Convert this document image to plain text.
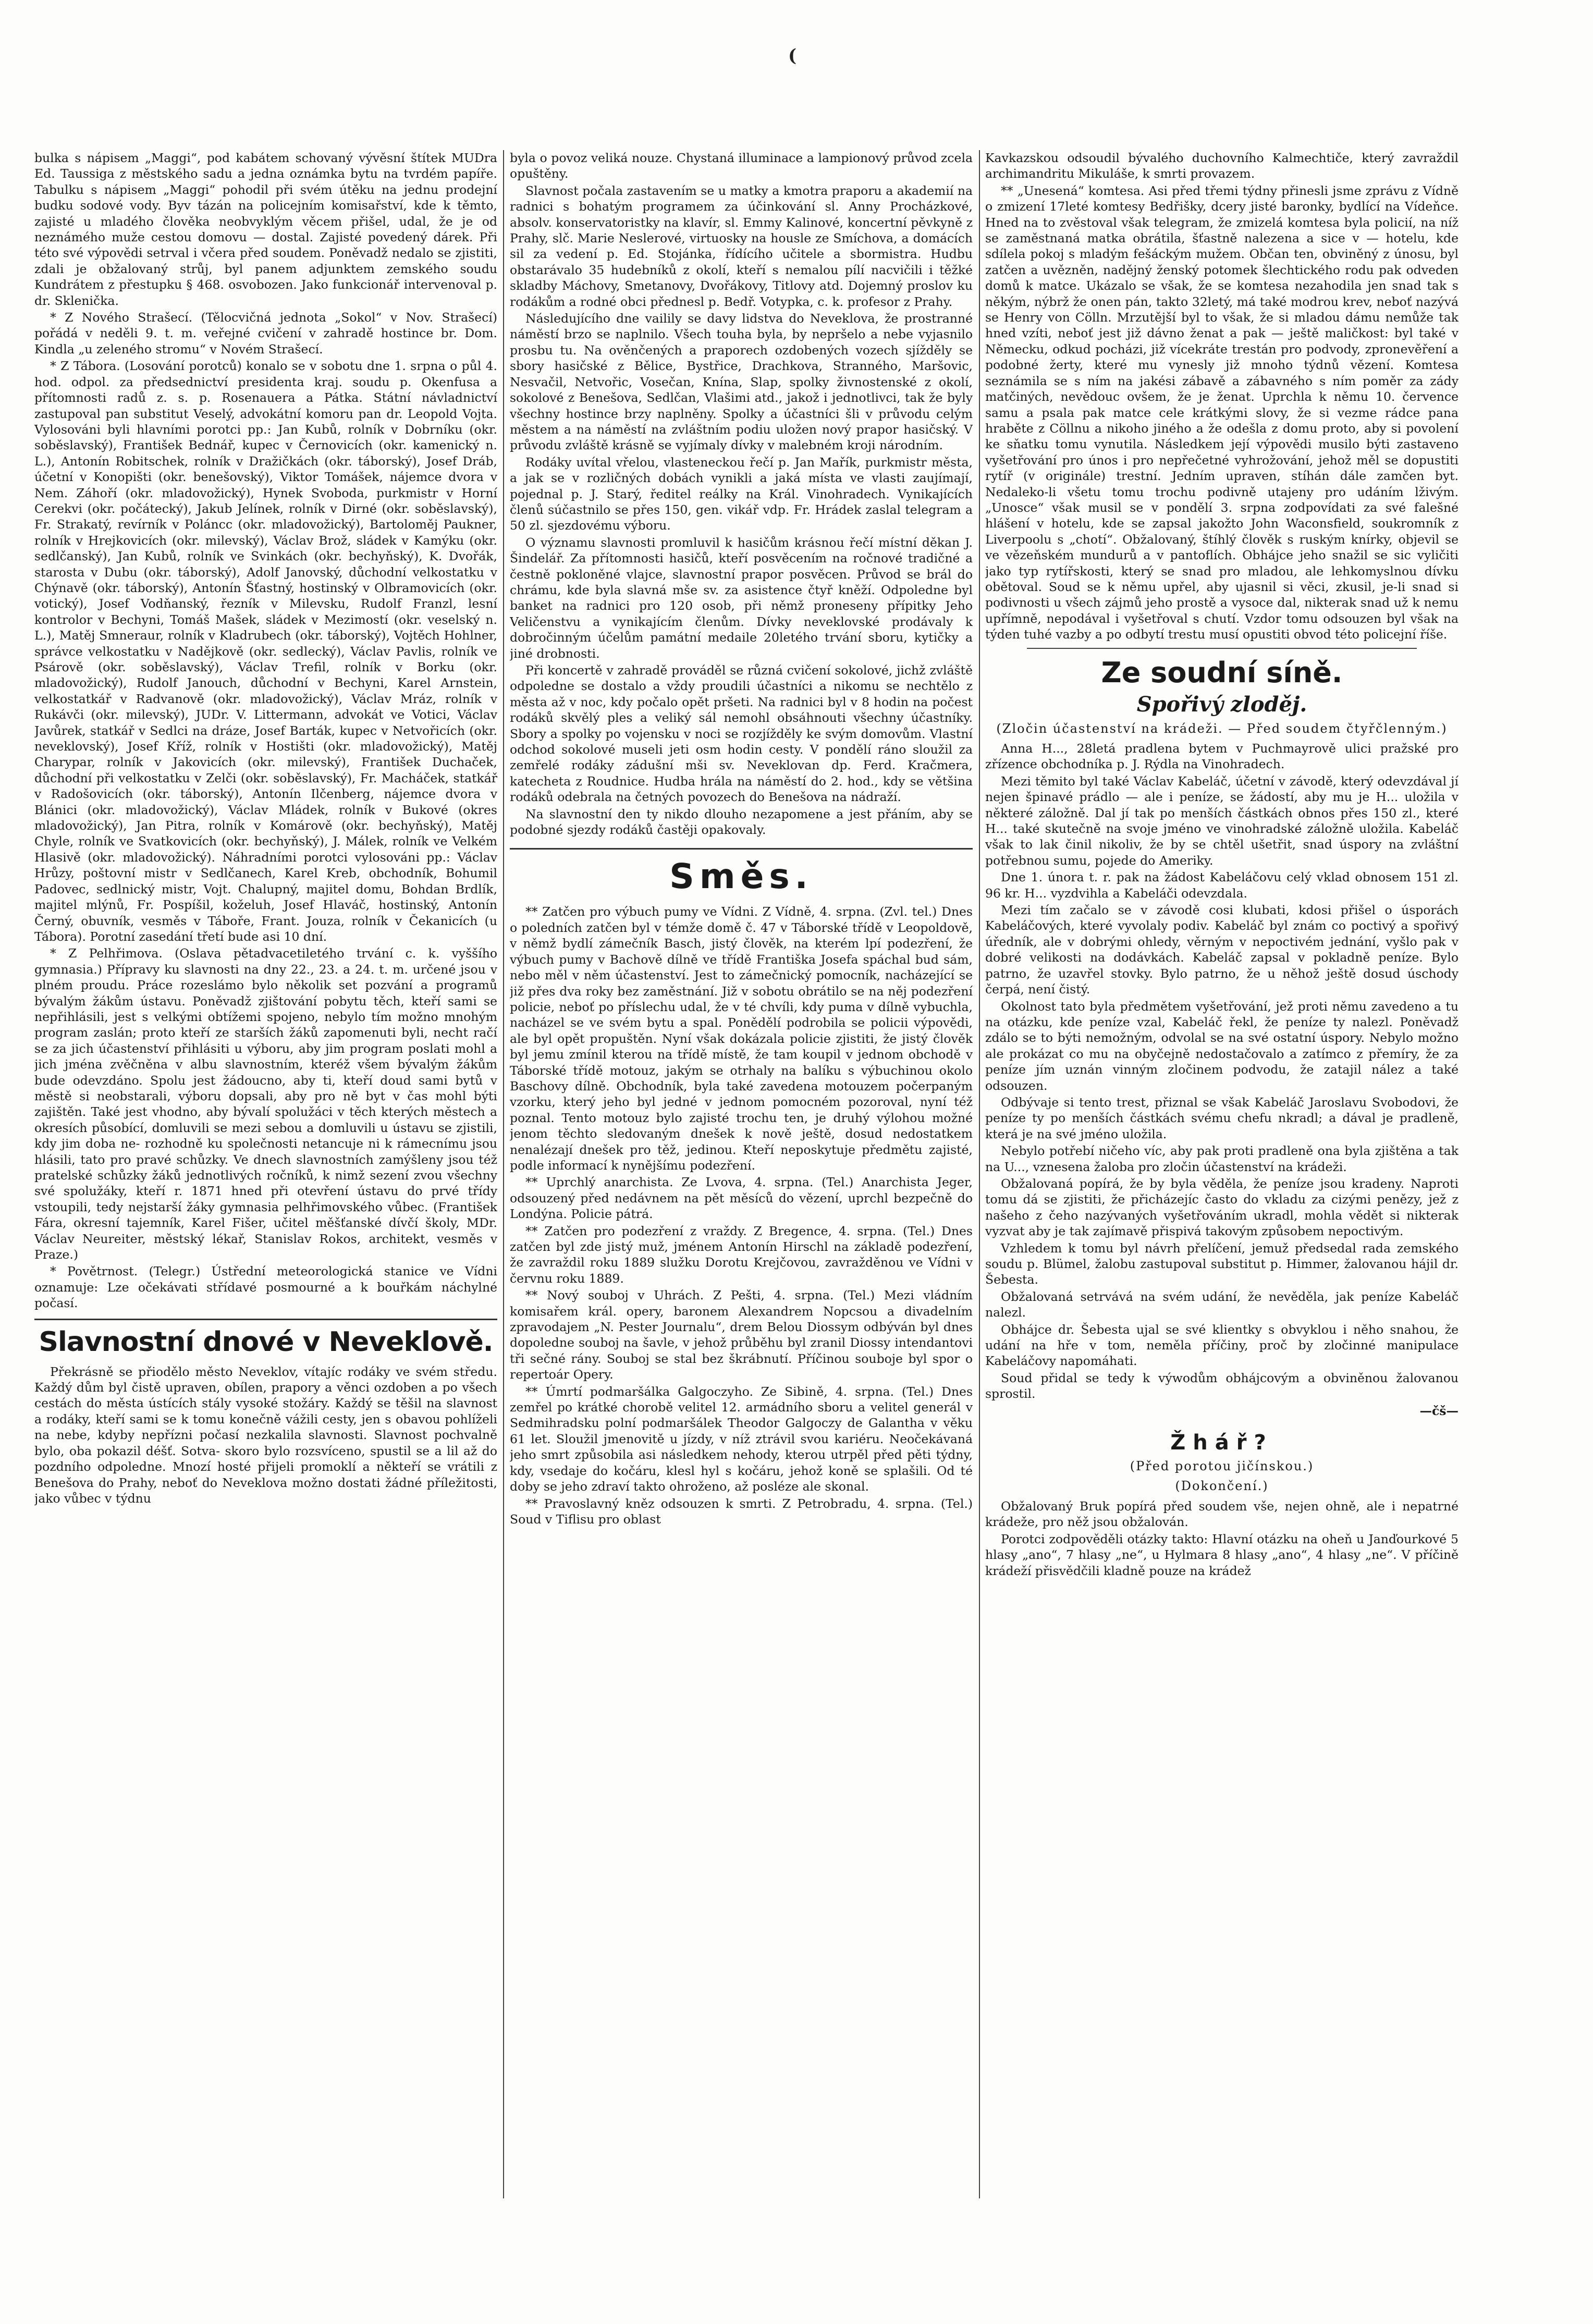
(

bulka s nápisem „Maggi“, pod kabátem schovaný vývěsní štítek MUDra Ed. Taussiga z městského sadu a jedna oznámka bytu na tvrdém papíře. Tabulku s nápisem „Maggi“ pohodil při svém útěku na jednu prodejní budku sodové vody. Byv tázán na policejním komisařství, kde k těmto, zajisté u mladého člověka neobvyklým věcem přišel, udal, že je od neznámého muže cestou domovu — dostal. Zajisté povedený dárek. Při této své výpovědi setrval i včera před soudem. Poněvadž nedalo se zjistiti, zdali je obžalovaný strůj, byl panem adjunktem zemského soudu Kundrátem z přestupku § 468. osvobozen. Jako funkcionář intervenoval p. dr. Sklenička.

* Z Nového Strašecí. (Tělocvičná jednota „Sokol“ v Nov. Strašecí) pořádá v neděli 9. t. m. veřejné cvičení v zahradě hostince br. Dom. Kindla „u zeleného stromu“ v Novém Strašecí.

* Z Tábora. (Losování porotců) konalo se v sobotu dne 1. srpna o půl 4. hod. odpol. za předsednictví presidenta kraj. soudu p. Okenfusa a přítomnosti radů z. s. p. Rosenauera a Pátka. Státní návladnictví zastupoval pan substitut Veselý, advokátní komoru pan dr. Leopold Vojta. Vylosováni byli hlavními porotci pp.: Jan Kubů, rolník v Dobrníku (okr. soběslavský), František Bednář, kupec v Černovicích (okr. kamenický n. L.), Antonín Robitschek, rolník v Dražičkách (okr. táborský), Josef Dráb, účetní v Konopišti (okr. benešovský), Viktor Tomášek, nájemce dvora v Nem. Záhoří (okr. mladovožický), Hynek Svoboda, purkmistr v Horní Cerekvi (okr. počátecký), Jakub Jelínek, rolník v Dirné (okr. soběslavský), Fr. Strakatý, revírník v Poláncc (okr. mladovožický), Bartoloměj Paukner, rolník v Hrejkovicích (okr. milevský), Václav Brož, sládek v Kamýku (okr. sedlčanský), Jan Kubů, rolník ve Svinkách (okr. bechyňský), K. Dvořák, starosta v Dubu (okr. táborský), Adolf Janovský, důchodní velkostatku v Chýnavě (okr. táborský), Antonín Šťastný, hostinský v Olbramovicích (okr. votický), Josef Vodňanský, řezník v Milevsku, Rudolf Franzl, lesní kontrolor v Bechyni, Tomáš Mašek, sládek v Mezimostí (okr. veselský n. L.), Matěj Smneraur, rolník v Kladrubech (okr. táborský), Vojtěch Hohlner, správce velkostatku v Nadějkově (okr. sedlecký), Václav Pavlis, rolník ve Psárově (okr. soběslavský), Václav Trefil, rolník v Borku (okr. mladovožický), Rudolf Janouch, důchodní v Bechyni, Karel Arnstein, velkostatkář v Radvanově (okr. mladovožický), Václav Mráz, rolník v Rukávči (okr. milevský), JUDr. V. Littermann, advokát ve Votici, Václav Javůrek, statkář v Sedlci na dráze, Josef Barták, kupec v Netvořicích (okr. neveklovský), Josef Kříž, rolník v Hostišti (okr. mladovožický), Matěj Charypar, rolník v Jakovicích (okr. milevský), František Duchaček, důchodní při velkostatku v Zelči (okr. soběslavský), Fr. Macháček, statkář v Radošovicích (okr. táborský), Antonín Ilčenberg, nájemce dvora v Blánici (okr. mladovožický), Václav Mládek, rolník v Bukové (okres mladovožický), Jan Pitra, rolník v Komárově (okr. bechyňský), Matěj Chyle, rolník ve Svatkovicích (okr. bechyňský), J. Málek, rolník ve Velkém Hlasivě (okr. mladovožický). Náhradními porotci vylosováni pp.: Václav Hrůzy, poštovní mistr v Sedlčanech, Karel Kreb, obchodník, Bohumil Padovec, sedlnický mistr, Vojt. Chalupný, majitel domu, Bohdan Brdlík, majitel mlýnů, Fr. Pospíšil, koželuh, Josef Hlaváč, hostinský, Antonín Černý, obuvník, vesměs v Táboře, Frant. Jouza, rolník v Čekanicích (u Tábora). Porotní zasedání třetí bude asi 10 dní.

* Z Pelhřimova. (Oslava pětadvacetiletého trvání c. k. vyššího gymnasia.) Přípravy ku slavnosti na dny 22., 23. a 24. t. m. určené jsou v plném proudu. Práce rozeslámo bylo několik set pozvání a programů bývalým žákům ústavu. Poněvadž zjištování pobytu těch, kteří sami se nepřihlásili, jest s velkými obtížemi spojeno, nebylo tím možno mnohým program zaslán; proto kteří ze starších žáků zapomenuti byli, necht račí se za jich účastenství přihlásiti u výboru, aby jim program poslati mohl a jich jména zvěčněna v albu slavnostním, kteréž všem bývalým žákům bude odevzdáno. Spolu jest žádoucno, aby ti, kteří doud sami bytů v městě si neobstarali, výboru dopsali, aby pro ně byt v čas mohl býti zajištěn. Také jest vhodno, aby bývalí spolužáci v těch kterých městech a okresích působící, domluvili se mezi sebou a domluvili u ústavu se zjistili, kdy jim doba ne- rozhodně ku společnosti netancuje ni k rámecnímu jsou hlásili, tato pro pravé schůzky. Ve dnech slavnostních zamýšleny jsou též pratelské schůzky žáků jednotlivých ročníků, k nimž sezení zvou všechny své spolužáky, kteří r. 1871 hned při otevření ústavu do prvé třídy vstoupili, tedy nejstarší žáky gymnasia pelhřimovského vůbec. (František Fára, okresní tajemník, Karel Fišer, učitel měšťanské dívčí školy, MDr. Václav Neureiter, městský lékař, Stanislav Rokos, architekt, vesměs v Praze.)

* Povětrnost. (Telegr.) Ústřední meteorologická stanice ve Vídni oznamuje: Lze očekávati střídavé posmourné a k bouřkám náchylné počasí.

Slavnostní dnové v Neveklově.

Překrásně se přiodělo město Neveklov, vítajíc rodáky ve svém středu. Každý dům byl čistě upraven, obílen, prapory a věnci ozdoben a po všech cestách do města ústících stály vysoké stožáry. Každý se těšil na slavnost a rodáky, kteří sami se k tomu konečně vážili cesty, jen s obavou pohlíželi na nebe, kdyby nepřízni počasí nezkalila slavnosti. Slavnost pochvalně bylo, oba pokazil déšť. Sotva- skoro bylo rozsvíceno, spustil se a lil až do pozdního odpoledne. Mnozí hosté přijeli promoklí a někteří se vrátili z Benešova do Prahy, neboť do Neveklova možno dostati žádné příležitosti, jako vůbec v týdnu

byla o povoz veliká nouze. Chystaná illuminace a lampionový průvod zcela opuštěny.

Slavnost počala zastavením se u matky a kmotra praporu a akademií na radnici s bohatým programem za účinkování sl. Anny Procházkové, absolv. konservatoristky na klavír, sl. Emmy Kalinové, koncertní pěvkyně z Prahy, slč. Marie Neslerové, virtuosky na housle ze Smíchova, a domácích sil za vedení p. Ed. Stojánka, řídícího učitele a sbormistra. Hudbu obstarávalo 35 hudebníků z okolí, kteří s nemalou pílí nacvičili i těžké skladby Máchovy, Smetanovy, Dvořákovy, Titlovy atd. Dojemný proslov ku rodákům a rodné obci přednesl p. Bedř. Votypka, c. k. profesor z Prahy.

Následujícího dne vailily se davy lidstva do Neveklova, že prostranné náměstí brzo se naplnilo. Všech touha byla, by nepršelo a nebe vyjasnilo prosbu tu. Na ověnčených a praporech ozdobených vozech sjížděly se sbory hasičské z Bělice, Bystřice, Drachkova, Stranného, Maršovic, Nesvačil, Netvořic, Vosečan, Knína, Slap, spolky živnostenské z okolí, sokolové z Benešova, Sedlčan, Vlašimi atd., jakož i jednotlivci, tak že byly všechny hostince brzy naplněny. Spolky a účastníci šli v průvodu celým městem a na náměstí na zvláštním podiu uložen nový prapor hasičský. V průvodu zvláště krásně se vyjímaly dívky v malebném kroji národním.

Rodáky uvítal vřelou, vlasteneckou řečí p. Jan Mařík, purkmistr města, a jak se v rozličných dobách vynikli a jaká místa ve vlasti zaujímají, pojednal p. J. Starý, ředitel reálky na Král. Vinohradech. Vynikajících členů súčastnilo se přes 150, gen. vikář vdp. Fr. Hrádek zaslal telegram a 50 zl. sjezdovému výboru.

O významu slavnosti promluvil k hasičům krásnou řečí místní děkan J. Šindelář. Za přítomnosti hasičů, kteří posvěcením na ročnové tradičné a čestně pokloněné vlajce, slavnostní prapor posvěcen. Průvod se brál do chrámu, kde byla slavná mše sv. za asistence čtyř kněží. Odpoledne byl banket na radnici pro 120 osob, při němž proneseny přípitky Jeho Veličenstvu a vynikajícím členům. Dívky neveklovské prodávaly k dobročinným účelům památní medaile 20letého trvání sboru, kytičky a jiné drobnosti.

Při koncertě v zahradě prováděl se různá cvičení sokolové, jichž zvláště odpoledne se dostalo a vždy proudili účastníci a nikomu se nechtělo z města až v noc, kdy počalo opět pršeti. Na radnici byl v 8 hodin na počest rodáků skvělý ples a veliký sál nemohl obsáhnouti všechny účastníky. Sbory a spolky po vojensku v noci se rozjížděly ke svým domovům. Vlastní odchod sokolové museli jeti osm hodin cesty. V pondělí ráno sloužil za zemřelé rodáky zádušní mši sv. Neveklovan dp. Ferd. Kračmera, katecheta z Roudnice. Hudba hrála na náměstí do 2. hod., kdy se většina rodáků odebrala na četných povozech do Benešova na nádraží.

Na slavnostní den ty nikdo dlouho nezapomene a jest přáním, aby se podobné sjezdy rodáků častěji opakovaly.

Směs.

** Zatčen pro výbuch pumy ve Vídni. Z Vídně, 4. srpna. (Zvl. tel.) Dnes o poledních zatčen byl v témže domě č. 47 v Táborské třídě v Leopoldově, v němž bydlí zámečník Basch, jistý člověk, na kterém lpí podezření, že výbuch pumy v Bachově dílně ve třídě Františka Josefa spáchal bud sám, nebo měl v něm účastenství. Jest to zámečnický pomocník, nacházející se již přes dva roky bez zaměstnání. Již v sobotu obrátilo se na něj podezření policie, neboť po příslechu udal, že v té chvíli, kdy puma v dílně vybuchla, nacházel se ve svém bytu a spal. Ponědělí podrobila se policii výpovědi, ale byl opět propuštěn. Nyní však dokázala policie zjistiti, že jistý člověk byl jemu zmínil kterou na třídě místě, že tam koupil v jednom obchodě v Táborské třídě motouz, jakým se otrhaly na balíku s výbuchinou okolo Baschovy dílně. Obchodník, byla také zavedena motouzem počerpaným vzorku, který jeho byl jedné v jednom pomocném pozoroval, nyní též poznal. Tento motouz bylo zajisté trochu ten, je druhý výlohou možné jenom těchto sledovaným dnešek k nově ještě, dosud nedostatkem nenalézají dnešek pro těž, jedinou. Kteří neposkytuje předmětu zajisté, podle informací k nynějšímu podezření.

** Uprchlý anarchista. Ze Lvova, 4. srpna. (Tel.) Anarchista Jeger, odsouzený před nedávnem na pět měsíců do vězení, uprchl bezpečně do Londýna. Policie pátrá.

** Zatčen pro podezření z vraždy. Z Bregence, 4. srpna. (Tel.) Dnes zatčen byl zde jistý muž, jménem Antonín Hirschl na základě podezření, že zavraždil roku 1889 služku Dorotu Krejčovou, zavražděnou ve Vídni v červnu roku 1889.

** Nový souboj v Uhrách. Z Pešti, 4. srpna. (Tel.) Mezi vládním komisařem král. opery, baronem Alexandrem Nopcsou a divadelním zpravodajem „N. Pester Journalu“, drem Belou Diossym odbýván byl dnes dopoledne souboj na šavle, v jehož průběhu byl zranil Diossy intendantovi tři sečné rány. Souboj se stal bez škrábnutí. Příčinou souboje byl spor o repertoár Opery.

** Úmrtí podmaršálka Galgoczyho. Ze Sibině, 4. srpna. (Tel.) Dnes zemřel po krátké chorobě velitel 12. armádního sboru a velitel generál v Sedmihradsku polní podmaršálek Theodor Galgoczy de Galantha v věku 61 let. Sloužil jmenovitě u jízdy, v níž ztrávil svou kariéru. Neočekávaná jeho smrt způsobila asi následkem nehody, kterou utrpěl před pěti týdny, kdy, vsedaje do kočáru, klesl hyl s kočáru, jehož koně se splašili. Od té doby se jeho zdraví takto ohroženo, až posléze ale skonal.

** Pravoslavný kněz odsouzen k smrti. Z Petrobradu, 4. srpna. (Tel.) Soud v Tiflisu pro oblast

Kavkazskou odsoudil bývalého duchovního Kalmechtiče, který zavraždil archimandritu Mikuláše, k smrti provazem.

** „Unesená“ komtesa. Asi před třemi týdny přinesli jsme zprávu z Vídně o zmizení 17leté komtesy Bedřišky, dcery jisté baronky, bydlící na Vídeňce. Hned na to zvěstoval však telegram, že zmizelá komtesa byla policií, na níž se zaměstnaná matka obrátila, šťastně nalezena a sice v — hotelu, kde sdílela pokoj s mladým fešáckým mužem. Občan ten, obviněný z únosu, byl zatčen a uvězněn, nadějný ženský potomek šlechtického rodu pak odveden domů k matce. Ukázalo se však, že se komtesa nezahodila jen snad tak s někým, nýbrž že onen pán, takto 32letý, má také modrou krev, neboť nazývá se Henry von Cölln. Mrzutější byl to však, že si mladou dámu nemůže tak hned vzíti, neboť jest již dávno ženat a pak — ještě maličkost: byl také v Německu, odkud pocházi, již vícekráte trestán pro podvody, zpronevěření a podobné žerty, které mu vynesly již mnoho týdnů vězení. Komtesa seznámila se s ním na jakési zábavě a zábavného s ním poměr za zády matčiných, nevědouc ovšem, že je ženat. Uprchla k němu 10. července samu a psala pak matce cele krátkými slovy, že si vezme rádce pana hraběte z Cöllnu a nikoho jiného a že odešla z domu proto, aby si povolení ke sňatku tomu vynutila. Následkem její výpovědi musilo býti zastaveno vyšetřování pro únos i pro nepřečetné vyhrožování, jehož měl se dopustiti rytíř (v originále) trestní. Jedním upraven, stíhán dále zamčen byt. Nedaleko-li všetu tomu trochu podivně utajeny pro udáním lživým. „Unosce“ však musil se v pondělí 3. srpna zodpovídati za své falešné hlášení v hotelu, kde se zapsal jakožto John Waconsfield, soukromník z Liverpoolu s „chotí“. Obžalovaný, štíhlý člověk s ruským knírky, objevil se ve vězeňském mundurů a v pantoflích. Obhájce jeho snažil se sic vyličiti jako typ rytířskosti, který se snad pro mladou, ale lehkomyslnou dívku obětoval. Soud se k němu upřel, aby ujasnil si věci, zkusil, je-li snad si podivnosti u všech zájmů jeho prostě a vysoce dal, nikterak snad už k nemu upřímně, nepodával i vyšetřoval s chutí. Vzdor tomu odsouzen byl však na týden tuhé vazby a po odbytí trestu musí opustiti obvod této policejní říše.

Ze soudní síně.
Spořivý zloděj.
(Zločin účastenství na krádeži. — Před soudem čtyřčlenným.)

Anna H..., 28letá pradlena bytem v Puchmayrově ulici pražské pro zřízence obchodníka p. J. Rýdla na Vinohradech.

Mezi těmito byl také Václav Kabeláč, účetní v závodě, který odevzdával jí nejen špinavé prádlo — ale i peníze, se žádostí, aby mu je H... uložila v některé záložně. Dal jí tak po menších částkách obnos přes 150 zl., které H... také skutečně na svoje jméno ve vinohradské záložně uložila. Kabeláč však to lak činil nikoliv, že by se chtěl ušetřit, snad úspory na zvláštní potřebnou sumu, pojede do Ameriky.

Dne 1. února t. r. pak na žádost Kabeláčovu celý vklad obnosem 151 zl. 96 kr. H... vyzdvihla a Kabeláči odevzdala.

Mezi tím začalo se v závodě cosi klubati, kdosi přišel o úsporách Kabeláčových, které vyvolaly podiv. Kabeláč byl znám co poctivý a spořivý úředník, ale v dobrými ohledy, věrným v nepoctivém jednání, vyšlo pak v dobré velikosti na dodávkách. Kabeláč zapsal v pokladně peníze. Bylo patrno, že uzavřel stovky. Bylo patrno, že u něhož ještě dosud úschody čerpá, není čistý.

Okolnost tato byla předmětem vyšetřování, jež proti němu zavedeno a tu na otázku, kde peníze vzal, Kabeláč řekl, že peníze ty nalezl. Poněvadž zdálo se to býti nemožným, odvolal se na své ostatní úspory. Nebylo možno ale prokázat co mu na obyčejně nedostačovalo a zatímco z přemíry, že za peníze jím uznán vinným zločinem podvodu, že zatajil nález a také odsouzen.

Odbývaje si tento trest, přiznal se však Kabeláč Jaroslavu Svobodovi, že peníze ty po menších částkách svému chefu nkradl; a dával je pradleně, která je na své jméno uložila.

Nebylo potřebí ničeho víc, aby pak proti pradleně ona byla zjištěna a tak na U..., vznesena žaloba pro zločin účastenství na krádeži.

Obžalovaná popírá, že by byla věděla, že peníze jsou kradeny. Naproti tomu dá se zjistiti, že přicházejíc často do vkladu za cizými penězy, jež z našeho z čeho nazývaných vyšetřováním ukradl, mohla vědět si nikterak vyzvat aby je tak zajímavě přispivá takovým způsobem nepoctivým.

Vzhledem k tomu byl návrh přelíčení, jemuž předsedal rada zemského soudu p. Blümel, žalobu zastupoval substitut p. Himmer, žalovanou hájil dr. Šebesta.

Obžalovaná setrvává na svém udání, že nevěděla, jak peníze Kabeláč nalezl.

Obhájce dr. Šebesta ujal se své klientky s obvyklou i něho snahou, že udání na hře v tom, neměla příčiny, proč by zločinné manipulace Kabeláčovy napomáhati.

Soud přidal se tedy k výwodům obhájcovým a obviněnou žalovanou sprostil.

—čš—
Žhář?
(Před porotou jičínskou.)
(Dokončení.)

Obžalovaný Bruk popírá před soudem vše, nejen ohně, ale i nepatrné krádeže, pro něž jsou obžalován.

Porotci zodpověděli otázky takto: Hlavní otázku na oheň u Janďourkové 5 hlasy „ano“, 7 hlasy „ne“, u Hylmara 8 hlasy „ano“, 4 hlasy „ne“. V příčině krádeží přisvědčili kladně pouze na krádež
